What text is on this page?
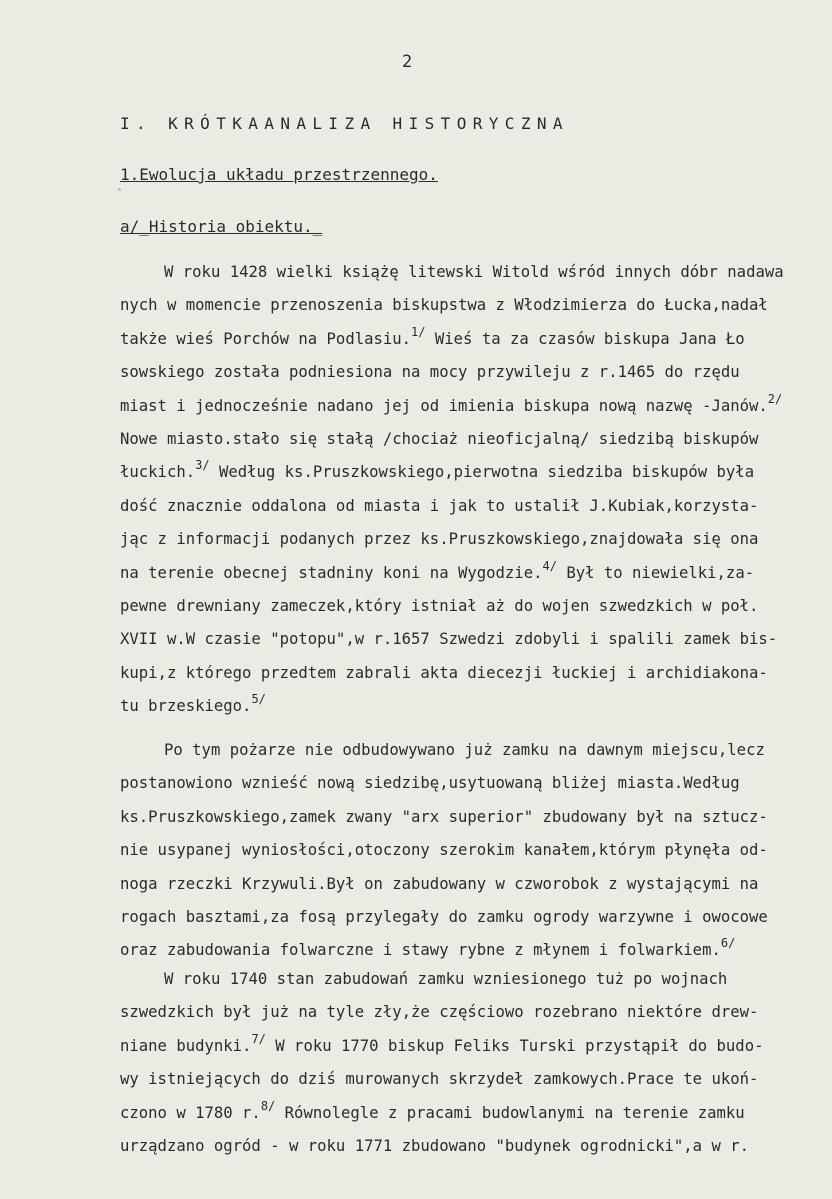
2
I. KRÓTKAANALIZA HISTORYCZNA
1.Ewolucja układu przestrzennego.
a/_Historia obiektu._
W roku 1428 wielki książę litewski Witold wśród innych dóbr nadawa
nych w momencie przenoszenia biskupstwa z Włodzimierza do Łucka,nadał
także wieś Porchów na Podlasiu.$^{1/}$ Wieś ta za czasów biskupa Jana Ło
sowskiego została podniesiona na mocy przywileju z r.1465 do rzędu
miast i jednocześnie nadano jej od imienia biskupa nową nazwę -Janów.$^{2/}$
Nowe miasto.stało się stałą /chociaż nieoficjalną/ siedzibą biskupów
łuckich.$^{3/}$ Według ks.Pruszkowskiego,pierwotna siedziba biskupów była
dość znacznie oddalona od miasta i jak to ustalił J.Kubiak,korzysta-
jąc z informacji podanych przez ks.Pruszkowskiego,znajdowała się ona
na terenie obecnej stadniny koni na Wygodzie.$^{4/}$ Był to niewielki,za-
pewne drewniany zameczek,który istniał aż do wojen szwedzkich w poł.
XVII w.W czasie "potopu",w r.1657 Szwedzi zdobyli i spalili zamek bis-
kupi,z którego przedtem zabrali akta diecezji łuckiej i archidiakona-
tu brzeskiego.$^{5/}$
Po tym pożarze nie odbudowywano już zamku na dawnym miejscu,lecz
postanowiono wznieść nową siedzibę,usytuowaną bliżej miasta.Według
ks.Pruszkowskiego,zamek zwany "arx superior" zbudowany był na sztucz-
nie usypanej wyniosłości,otoczony szerokim kanałem,którym płynęła od-
noga rzeczki Krzywuli.Był on zabudowany w czworobok z wystającymi na
rogach basztami,za fosą przylegały do zamku ogrody warzywne i owocowe
oraz zabudowania folwarczne i stawy rybne z młynem i folwarkiem.$^{6/}$
W roku 1740 stan zabudowań zamku wzniesionego tuż po wojnach
szwedzkich był już na tyle zły,że częściowo rozebrano niektóre drew-
niane budynki.$^{7/}$ W roku 1770 biskup Feliks Turski przystąpił do budo-
wy istniejących do dziś murowanych skrzydeł zamkowych.Prace te ukoń-
czono w 1780 r.$^{8/}$ Równolegle z pracami budowlanymi na terenie zamku
urządzano ogród - w roku 1771 zbudowano "budynek ogrodnicki",a w r.
